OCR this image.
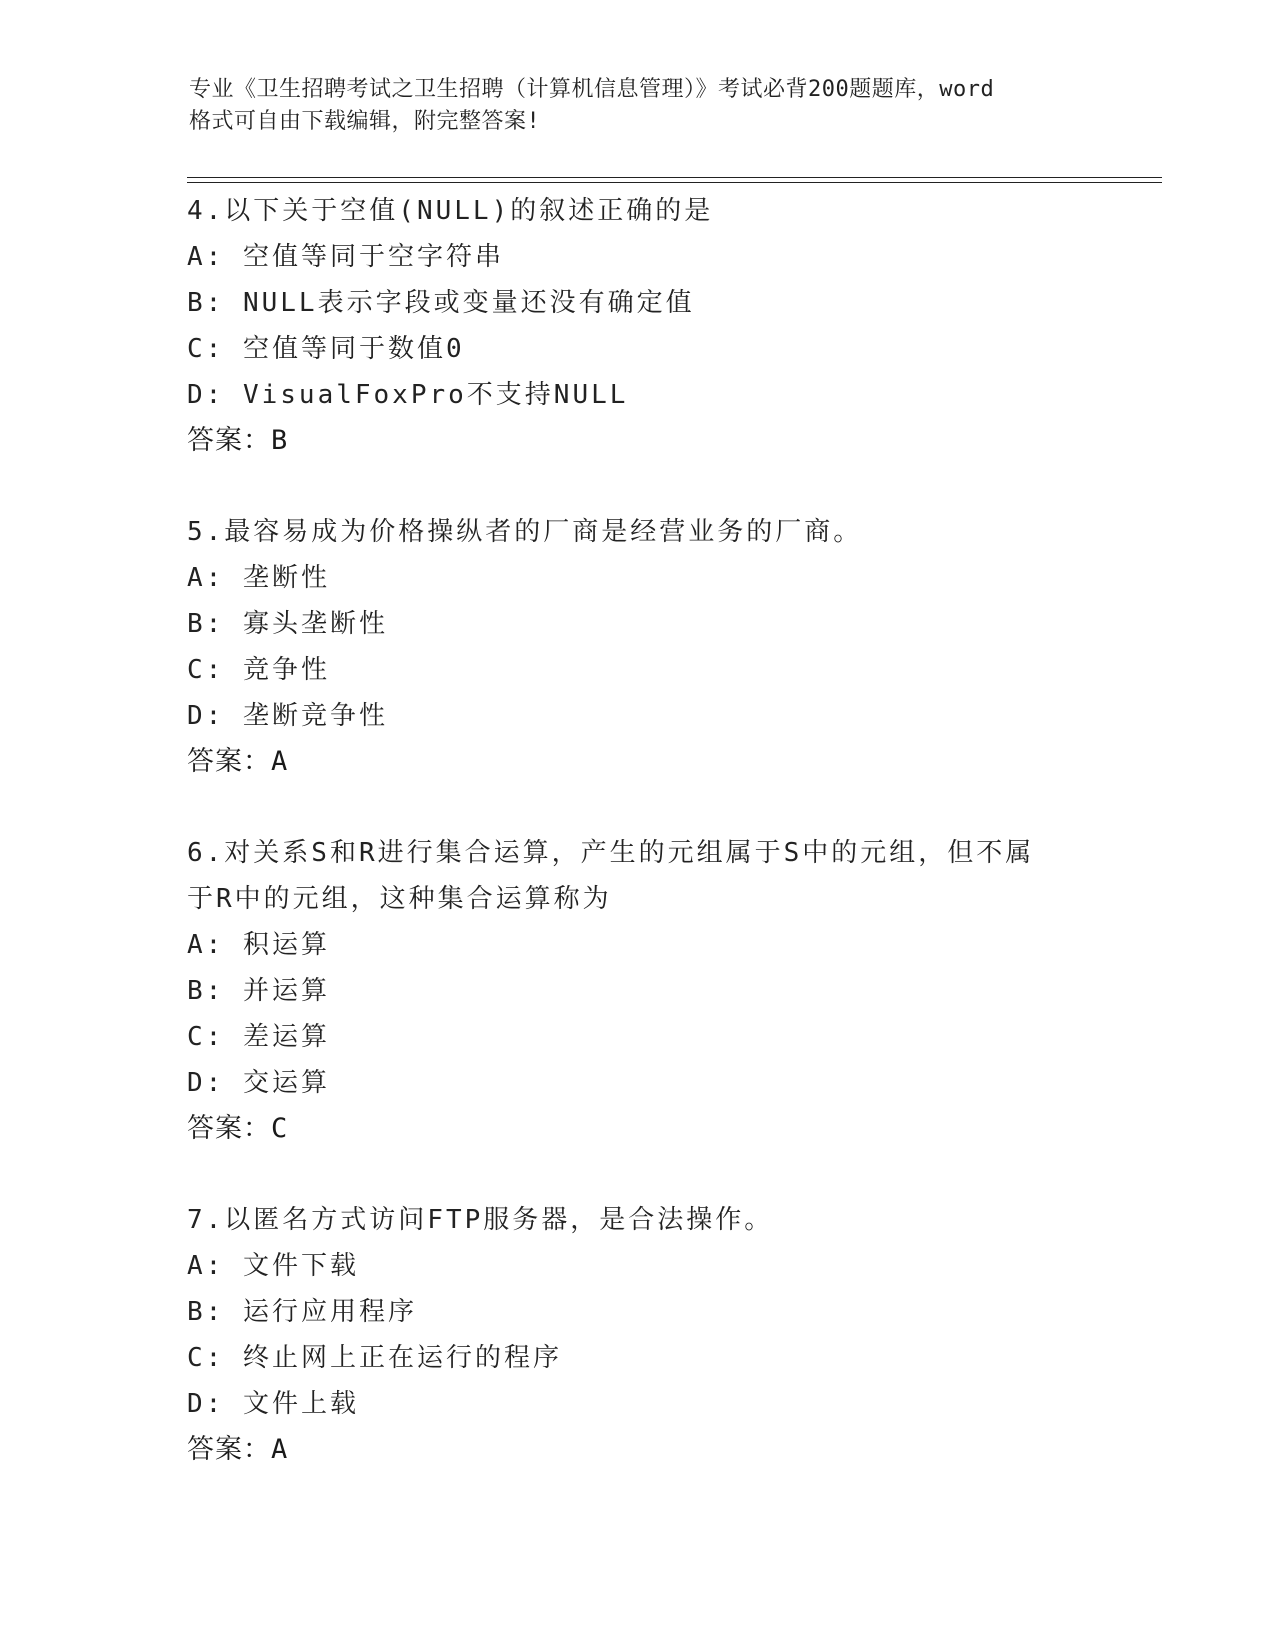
专业《卫生招聘考试之卫生招聘（计算机信息管理）》考试必背200题题库，word

格式可自由下载编辑，附完整答案!

4.以下关于空值(NULL)的叙述正确的是
A: 空值等同于空字符串
B: NULL表示字段或变量还没有确定值
C: 空值等同于数值0
D: VisualFoxPro不支持NULL
答案：B
5.最容易成为价格操纵者的厂商是经营业务的厂商。
A: 垄断性
B: 寡头垄断性
C: 竞争性
D: 垄断竞争性
答案：A
6.对关系S和R进行集合运算，产生的元组属于S中的元组，但不属
于R中的元组，这种集合运算称为
A: 积运算
B: 并运算
C: 差运算
D: 交运算
答案：C
7.以匿名方式访问FTP服务器，是合法操作。
A: 文件下载
B: 运行应用程序
C: 终止网上正在运行的程序
D: 文件上载
答案：A
